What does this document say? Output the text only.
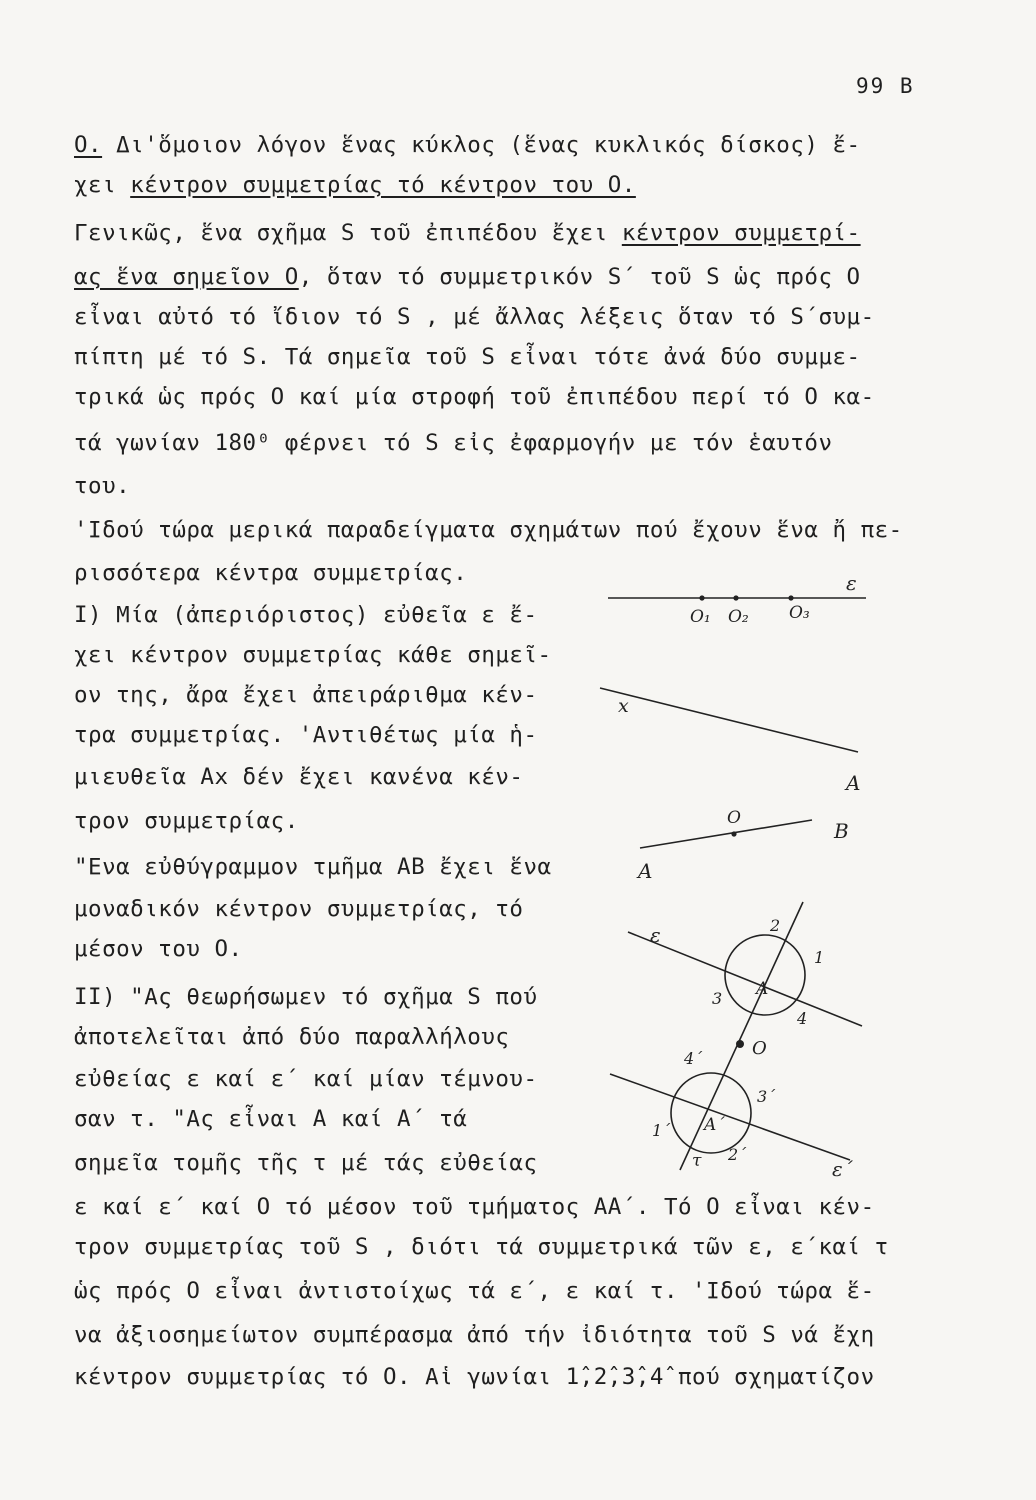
99 B
O. Δι'ὅμοιον λόγον ἕνας κύκλος (ἕνας κυκλικός δίσκος) ἔ-
χει κέντρον συμμετρίας τό κέντρον του O.
Γενικῶς, ἕνα σχῆμα S τοῦ ἐπιπέδου ἔχει κέντρον συμμετρί-
ας ἕνα σημεῖον O, ὅταν τό συμμετρικόν S΄ τοῦ S ὡς πρός O
εἶναι αὐτό τό ἴδιον τό S , μέ ἄλλας λέξεις ὅταν τό S΄συμ-
πίπτη μέ τό S. Τά σημεῖα τοῦ S εἶναι τότε ἀνά δύο συμμε-
τρικά ὡς πρός O καί μία στροφή τοῦ ἐπιπέδου περί τό O κα-
τά γωνίαν 180⁰ φέρνει τό S εἰς ἐφαρμογήν με τόν ἑαυτόν
του.
'Ιδού τώρα μερικά παραδείγματα σχημάτων πού ἔχουν ἕνα ἤ πε-
ρισσότερα κέντρα συμμετρίας.
I) Μία (ἀπεριόριστος) εὐθεῖα ε ἔ-
χει κέντρον συμμετρίας κάθε σημεῖ-
ον της, ἄρα ἔχει ἀπειράριθμα κέν-
τρα συμμετρίας. 'Αντιθέτως μία ἡ-
μιευθεῖα Ax δέν ἔχει κανένα κέν-
τρον συμμετρίας.
"Ενα εὐθύγραμμον τμῆμα AB ἔχει ἕνα
μοναδικόν κέντρον συμμετρίας, τό
μέσον του O.
II) "Ας θεωρήσωμεν τό σχῆμα S πού
ἀποτελεῖται ἀπό δύο παραλλήλους
εὐθείας ε καί ε΄ καί μίαν τέμνου-
σαν τ. "Ας εἶναι A καί A΄ τά
σημεῖα τομῆς τῆς τ μέ τάς εὐθείας
ε καί ε΄ καί O τό μέσον τοῦ τμήματος AA΄. Τό O εἶναι κέν-
τρον συμμετρίας τοῦ S , διότι τά συμμετρικά τῶν ε, ε΄καί τ
ὡς πρός O εἶναι ἀντιστοίχως τά ε΄, ε καί τ. 'Ιδού τώρα ἕ-
να ἀξιοσημείωτον συμπέρασμα ἀπό τήν ἰδιότητα τοῦ S νά ἔχη
κέντρον συμμετρίας τό O. Αἱ γωνίαι 1̂,2̂,3̂,4̂ πού σχηματίζον
ε
O₁ O₂ O₃
x
A
O
A
B
ε
ε΄
τ
O
A
A΄
1
2
3
4
1΄
2΄
3΄
4΄
